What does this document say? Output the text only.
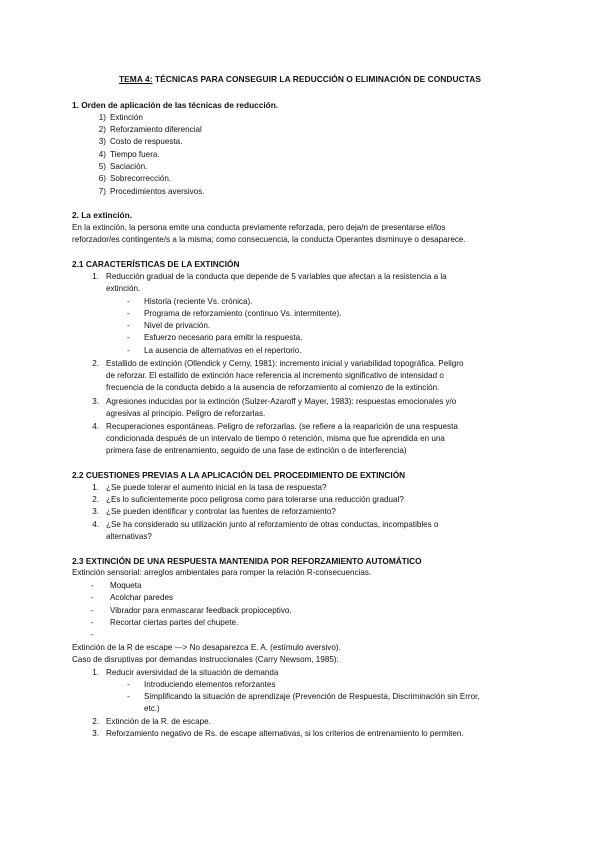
TEMA 4: TÉCNICAS PARA CONSEGUIR LA REDUCCIÓN O ELIMINACIÓN DE CONDUCTAS
1. Orden de aplicación de las técnicas de reducción.
1) Extinción
2) Reforzamiento diferencial
3) Costo de respuesta.
4) Tiempo fuera.
5) Saciación.
6) Sobrecorrección.
7) Procedimientos aversivos.
2. La extinción.
En la extinción, la persona emite una conducta previamente reforzada, pero deja/n de presentarse el/los
reforzador/es contingente/s a la misma; como consecuencia, la conducta Operantes disminuye o desaparece.
2.1 CARACTERÍSTICAS DE LA EXTINCIÓN
1. Reducción gradual de la conducta que depende de 5 variables que afectan a la resistencia a la
extinción.
- Historia (reciente Vs. crónica).
- Programa de reforzamiento (continuo Vs. intermitente).
- Nivel de privación.
- Esfuerzo necesario para emitir la respuesta.
- La ausencia de alternativas en el repertorio.
2. Estallido de extinción (Ollendick y Cerny, 1981): incremento inicial y variabilidad topográfica. Peligro
de reforzar. El estallido de extinción hace referencia al incremento significativo de intensidad o
frecuencia de la conducta debido a la ausencia de reforzamiento al comienzo de la extinción.
3. Agresiones inducidas por la extinción (Sulzer-Azaroff y Mayer, 1983): respuestas emocionales y/o
agresivas al principio. Peligro de reforzarlas.
4. Recuperaciones espontáneas. Peligro de reforzarlas. (se refiere a la reaparición de una respuesta
condicionada después de un intervalo de tiempo ó retención, misma que fue aprendida en una
primera fase de entrenamiento, seguido de una fase de extinción o de interferencia)
2.2 CUESTIONES PREVIAS A LA APLICACIÓN DEL PROCEDIMIENTO DE EXTINCIÓN
1. ¿Se puede tolerar el aumento inicial en la tasa de respuesta?
2. ¿Es lo suficientemente poco peligrosa como para tolerarse una reducción gradual?
3. ¿Se pueden identificar y controlar las fuentes de reforzamiento?
4. ¿Se ha considerado su utilización junto al reforzamiento de otras conductas, incompatibles o
alternativas?
2.3 EXTINCIÓN DE UNA RESPUESTA MANTENIDA POR REFORZAMIENTO AUTOMÁTICO
Extinción sensorial: arreglos ambientales para romper la relación R-consecuencias.
- Moqueta
- Acolchar paredes
- Vibrador para enmascarar feedback propioceptivo.
- Recortar ciertas partes del chupete.
-
Extinción de la R de escape ---> No desaparezca E. A. (estímulo aversivo).
Caso de disruptivas por demandas instruccionales (Carry Newsom, 1985):
1. Reducir aversividad de la situación de demanda
- Introduciendo elementos reforzantes
- Simplificando la situación de aprendizaje (Prevención de Respuesta, Discriminación sin Error,
etc.)
2. Extinción de la R. de escape.
3. Reforzamiento negativo de Rs. de escape alternativas, si los criterios de entrenamiento lo permiten.
